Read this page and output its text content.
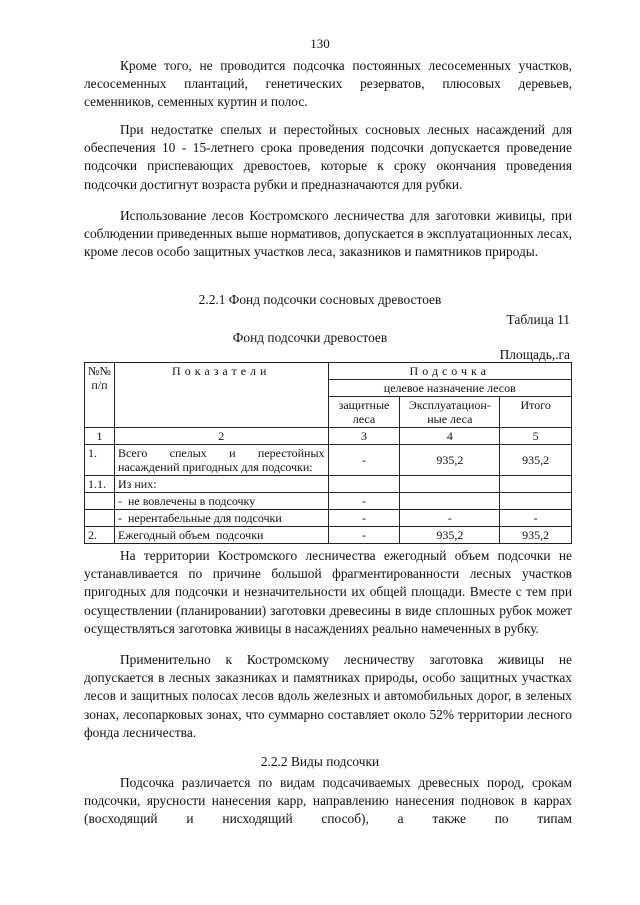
130

Кроме того, не проводится подсочка постоянных лесосеменных участков, лесосеменных плантаций, генетических резерватов, плюсовых деревьев, семенников, семенных куртин и полос.

При недостатке спелых и перестойных сосновых лесных насаждений для обеспечения 10 - 15-летнего срока проведения подсочки допускается проведение подсочки приспевающих древостоев, которые к сроку окончания проведения подсочки достигнут возраста рубки и предназначаются для рубки.

Использование лесов Костромского лесничества для заготовки живицы, при соблюдении приведенных выше нормативов, допускается в эксплуатационных лесах, кроме лесов особо защитных участков леса, заказников и памятников природы.

2.2.1 Фонд подсочки сосновых древостоев
Таблица 11
Фонд подсочки древостоев
Площадь,.га
№№ п/п	Показатели	Подсочка		
		целевое назначение лесов		
		защитные леса	Эксплуатацион-ные леса	Итого
1	2	3	4	5
1.	Всего спелых и перестойных насаждений пригодных для подсочки:	-	935,2	935,2
1.1.	Из них:			
	-  не вовлечены в подсочку	-		
	-  нерентабельные для подсочки	-	-	-
2.	Ежегодный объем  подсочки	-	935,2	935,2

На территории Костромского лесничества ежегодный объем подсочки не устанавливается по причине большой фрагментированности лесных участков пригодных для подсочки и незначительности их общей площади. Вместе с тем при осуществлении (планировании) заготовки древесины в виде сплошных рубок может осуществляться заготовка живицы в насаждениях реально намеченных в рубку.

Применительно к Костромскому лесничеству заготовка живицы не допускается в лесных заказниках и памятниках природы, особо защитных участках лесов и защитных полосах лесов вдоль железных и автомобильных дорог, в зеленых зонах, лесопарковых зонах, что суммарно составляет около 52% территории лесного фонда лесничества.

2.2.2 Виды подсочки

Подсочка различается по видам подсачиваемых древесных пород, срокам подсочки, ярусности нанесения карр, направлению нанесения подновок в каррах (восходящий и нисходящий способ), а также по типам
